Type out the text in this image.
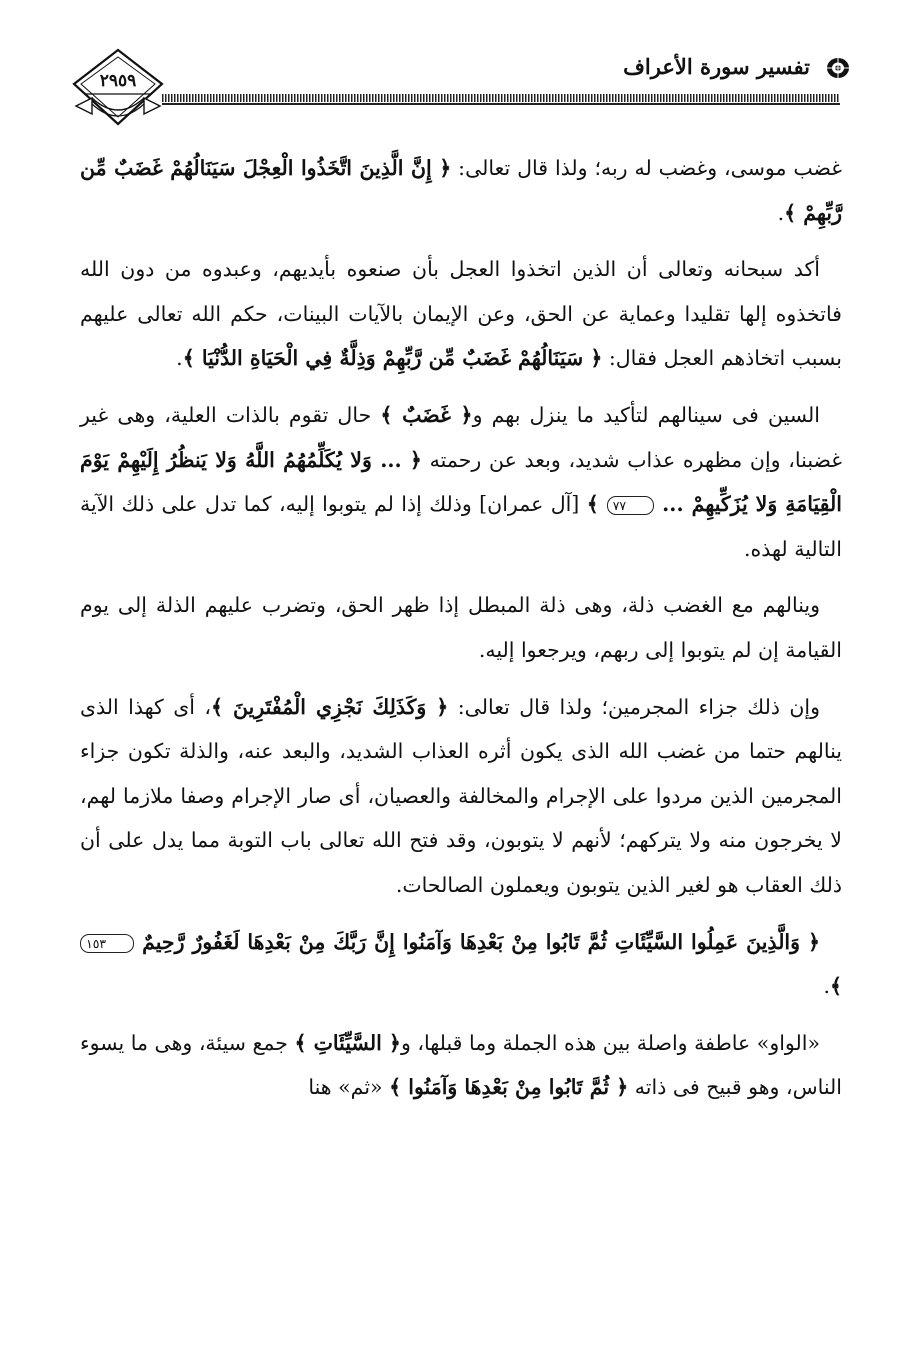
٢٩٥٩
تفسير سورة الأعراف

غضب موسى، وغضب له ربه؛ ولذا قال تعالى: ﴿ إِنَّ الَّذِينَ اتَّخَذُوا الْعِجْلَ سَيَنَالُهُمْ غَضَبٌ مِّن رَّبِّهِمْ ﴾.

أكد سبحانه وتعالى أن الذين اتخذوا العجل بأن صنعوه بأيديهم، وعبدوه من دون الله فاتخذوه إلها تقليدا وعماية عن الحق، وعن الإيمان بالآيات البينات، حكم الله تعالى عليهم بسبب اتخاذهم العجل فقال: ﴿ سَيَنَالُهُمْ غَضَبٌ مِّن رَّبِّهِمْ وَذِلَّةٌ فِي الْحَيَاةِ الدُّنْيَا ﴾.

السين فى سينالهم لتأكيد ما ينزل بهم و﴿ غَضَبٌ ﴾ حال تقوم بالذات العلية، وهى غير غضبنا، وإن مظهره عذاب شديد، وبعد عن رحمته ﴿ ... وَلا يُكَلِّمُهُمُ اللَّهُ وَلا يَنظُرُ إِلَيْهِمْ يَوْمَ الْقِيَامَةِ وَلا يُزَكِّيهِمْ ... ٧٧ ﴾ [آل عمران] وذلك إذا لم يتوبوا إليه، كما تدل على ذلك الآية التالية لهذه.

وينالهم مع الغضب ذلة، وهى ذلة المبطل إذا ظهر الحق، وتضرب عليهم الذلة إلى يوم القيامة إن لم يتوبوا إلى ربهم، ويرجعوا إليه.

وإن ذلك جزاء المجرمين؛ ولذا قال تعالى: ﴿ وَكَذَلِكَ نَجْزِي الْمُفْتَرِينَ ﴾، أى كهذا الذى ينالهم حتما من غضب الله الذى يكون أثره العذاب الشديد، والبعد عنه، والذلة تكون جزاء المجرمين الذين مردوا على الإجرام والمخالفة والعصيان، أى صار الإجرام وصفا ملازما لهم، لا يخرجون منه ولا يتركهم؛ لأنهم لا يتوبون، وقد فتح الله تعالى باب التوبة مما يدل على أن ذلك العقاب هو لغير الذين يتوبون ويعملون الصالحات.

﴿ وَالَّذِينَ عَمِلُوا السَّيِّئَاتِ ثُمَّ تَابُوا مِنْ بَعْدِهَا وَآمَنُوا إِنَّ رَبَّكَ مِنْ بَعْدِهَا لَغَفُورٌ رَّحِيمٌ ١٥٣ ﴾.

«الواو» عاطفة واصلة بين هذه الجملة وما قبلها، و﴿ السَّيِّئَاتِ ﴾ جمع سيئة، وهى ما يسوء الناس، وهو قبيح فى ذاته ﴿ ثُمَّ تَابُوا مِنْ بَعْدِهَا وَآمَنُوا ﴾ «ثم» هنا
